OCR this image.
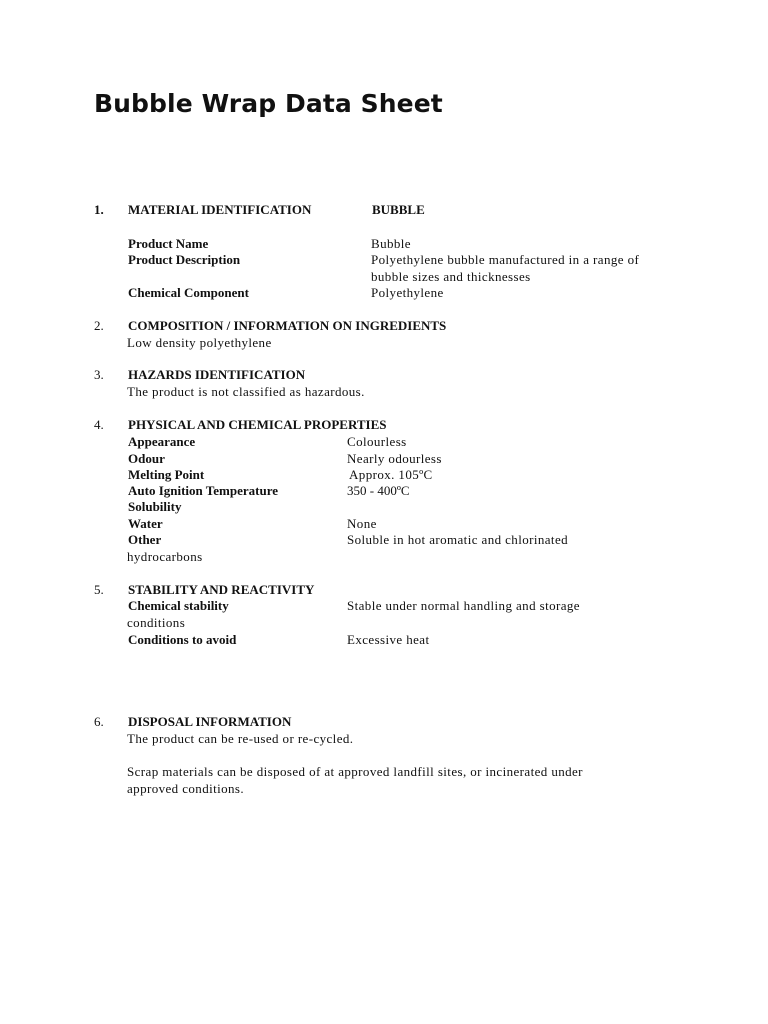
Bubble Wrap Data Sheet
1. MATERIAL IDENTIFICATION	BUBBLE
Product Name	Bubble
Product Description	Polyethylene bubble manufactured in a range of
bubble sizes and thicknesses
Chemical Component	Polyethylene
2. COMPOSITION / INFORMATION ON INGREDIENTS
Low density polyethylene
3. HAZARDS IDENTIFICATION
The product is not classified as hazardous.
4. PHYSICAL AND CHEMICAL PROPERTIES
Appearance	Colourless
Odour	Nearly odourless
Melting Point	Approx. 105ºC
Auto Ignition Temperature	350 - 400ºC
Solubility
Water	None
Other	Soluble in hot aromatic and chlorinated
hydrocarbons
5. STABILITY AND REACTIVITY
Chemical stability	Stable under normal handling and storage
conditions
Conditions to avoid	Excessive heat
6. DISPOSAL INFORMATION
The product can be re-used or re-cycled.
Scrap materials can be disposed of at approved landfill sites, or incinerated under
approved conditions.
